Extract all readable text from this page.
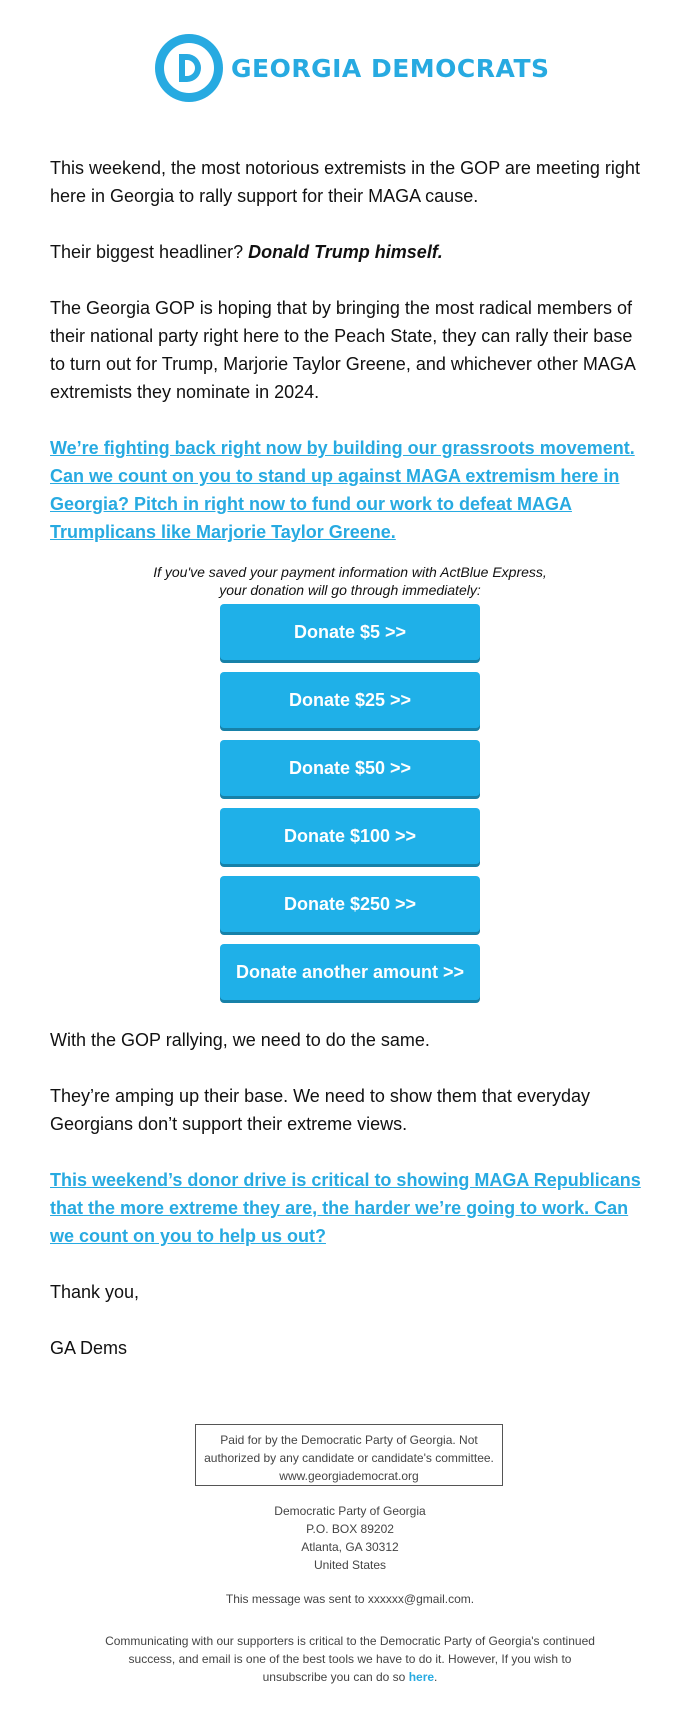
GEORGIA DEMOCRATS
This weekend, the most notorious extremists in the GOP are meeting right here in Georgia to rally support for their MAGA cause.
Their biggest headliner? Donald Trump himself.
The Georgia GOP is hoping that by bringing the most radical members of their national party right here to the Peach State, they can rally their base to turn out for Trump, Marjorie Taylor Greene, and whichever other MAGA extremists they nominate in 2024.
We’re fighting back right now by building our grassroots movement. Can we count on you to stand up against MAGA extremism here in Georgia? Pitch in right now to fund our work to defeat MAGA Trumplicans like Marjorie Taylor Greene.
If you've saved your payment information with ActBlue Express,
your donation will go through immediately:
Donate $5 >>
Donate $25 >>
Donate $50 >>
Donate $100 >>
Donate $250 >>
Donate another amount >>
With the GOP rallying, we need to do the same.
They’re amping up their base. We need to show them that everyday Georgians don’t support their extreme views.
This weekend’s donor drive is critical to showing MAGA Republicans that the more extreme they are, the harder we’re going to work. Can we count on you to help us out?
Thank you,
GA Dems
Paid for by the Democratic Party of Georgia. Not
authorized by any candidate or candidate's committee.
www.georgiademocrat.org
Democratic Party of Georgia
P.O. BOX 89202
Atlanta, GA 30312
United States
This message was sent to xxxxxx@gmail.com.
Communicating with our supporters is critical to the Democratic Party of Georgia's continued
success, and email is one of the best tools we have to do it. However, If you wish to
unsubscribe you can do so here.
